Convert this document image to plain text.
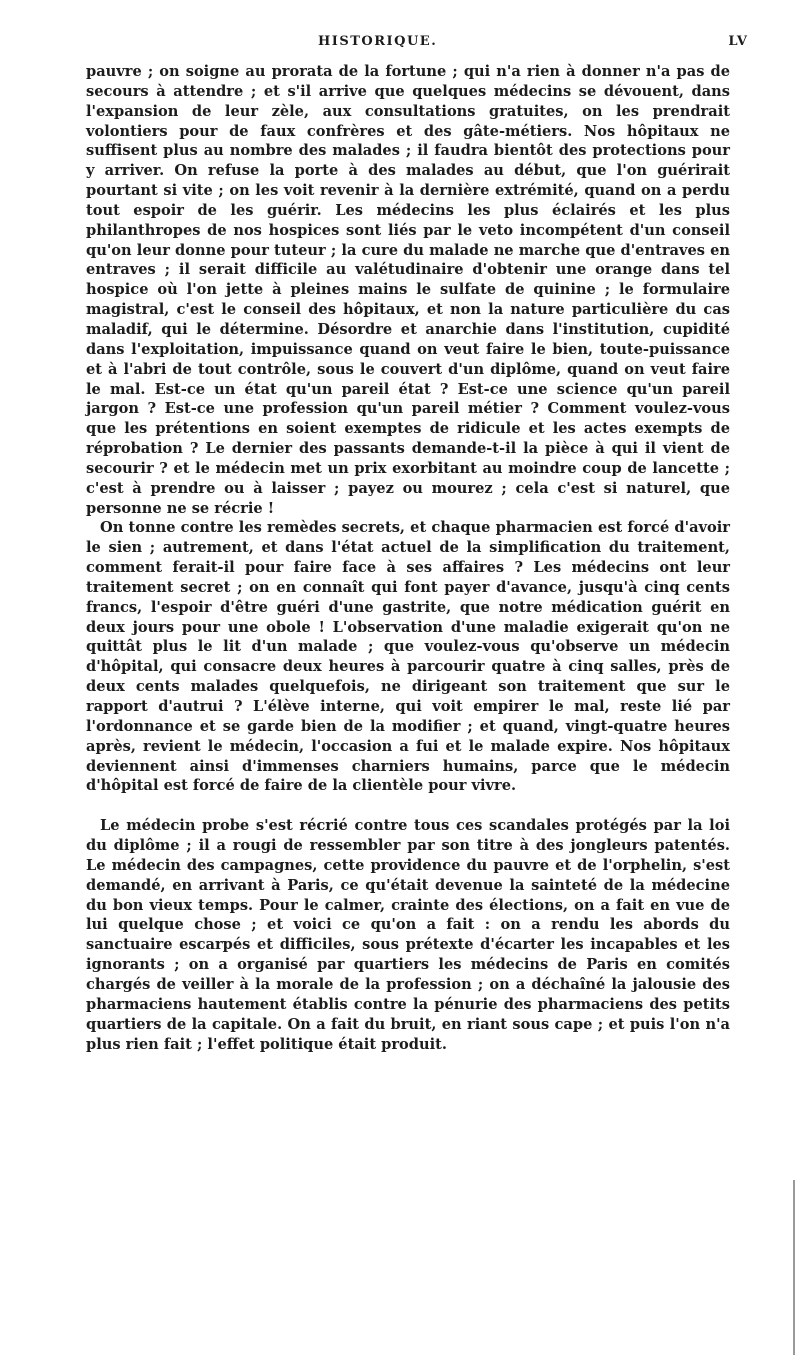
HISTORIQUE.	LV

pauvre ; on soigne au prorata de la fortune ; qui n'a rien à donner n'a pas de secours à attendre ; et s'il arrive que quelques médecins se dévouent, dans l'expansion de leur zèle, aux consultations gratuites, on les prendrait volontiers pour de faux confrères et des gâte-métiers. Nos hôpitaux ne suffisent plus au nombre des malades ; il faudra bientôt des protections pour y arriver. On refuse la porte à des malades au début, que l'on guérirait pourtant si vite ; on les voit revenir à la dernière extrémité, quand on a perdu tout espoir de les guérir. Les médecins les plus éclairés et les plus philanthropes de nos hospices sont liés par le veto incompétent d'un conseil qu'on leur donne pour tuteur ; la cure du malade ne marche que d'entraves en entraves ; il serait difficile au valétudinaire d'obtenir une orange dans tel hospice où l'on jette à pleines mains le sulfate de quinine ; le formulaire magistral, c'est le conseil des hôpitaux, et non la nature particulière du cas maladif, qui le détermine. Désordre et anarchie dans l'institution, cupidité dans l'exploitation, impuissance quand on veut faire le bien, toute-puissance et à l'abri de tout contrôle, sous le couvert d'un diplôme, quand on veut faire le mal. Est-ce un état qu'un pareil état ? Est-ce une science qu'un pareil jargon ? Est-ce une profession qu'un pareil métier ? Comment voulez-vous que les prétentions en soient exemptes de ridicule et les actes exempts de réprobation ? Le dernier des passants demande-t-il la pièce à qui il vient de secourir ? et le médecin met un prix exorbitant au moindre coup de lancette ; c'est à prendre ou à laisser ; payez ou mourez ; cela c'est si naturel, que personne ne se récrie !

On tonne contre les remèdes secrets, et chaque pharmacien est forcé d'avoir le sien ; autrement, et dans l'état actuel de la simplification du traitement, comment ferait-il pour faire face à ses affaires ? Les médecins ont leur traitement secret ; on en connaît qui font payer d'avance, jusqu'à cinq cents francs, l'espoir d'être guéri d'une gastrite, que notre médication guérit en deux jours pour une obole ! L'observation d'une maladie exigerait qu'on ne quittât plus le lit d'un malade ; que voulez-vous qu'observe un médecin d'hôpital, qui consacre deux heures à parcourir quatre à cinq salles, près de deux cents malades quelquefois, ne dirigeant son traitement que sur le rapport d'autrui ? L'élève interne, qui voit empirer le mal, reste lié par l'ordonnance et se garde bien de la modifier ; et quand, vingt-quatre heures après, revient le médecin, l'occasion a fui et le malade expire. Nos hôpitaux deviennent ainsi d'immenses charniers humains, parce que le médecin d'hôpital est forcé de faire de la clientèle pour vivre.

Le médecin probe s'est récrié contre tous ces scandales protégés par la loi du diplôme ; il a rougi de ressembler par son titre à des jongleurs patentés. Le médecin des campagnes, cette providence du pauvre et de l'orphelin, s'est demandé, en arrivant à Paris, ce qu'était devenue la sainteté de la médecine du bon vieux temps. Pour le calmer, crainte des élections, on a fait en vue de lui quelque chose ; et voici ce qu'on a fait : on a rendu les abords du sanctuaire escarpés et difficiles, sous prétexte d'écarter les incapables et les ignorants ; on a organisé par quartiers les médecins de Paris en comités chargés de veiller à la morale de la profession ; on a déchaîné la jalousie des pharmaciens hautement établis contre la pénurie des pharmaciens des petits quartiers de la capitale. On a fait du bruit, en riant sous cape ; et puis l'on n'a plus rien fait ; l'effet politique était produit.
